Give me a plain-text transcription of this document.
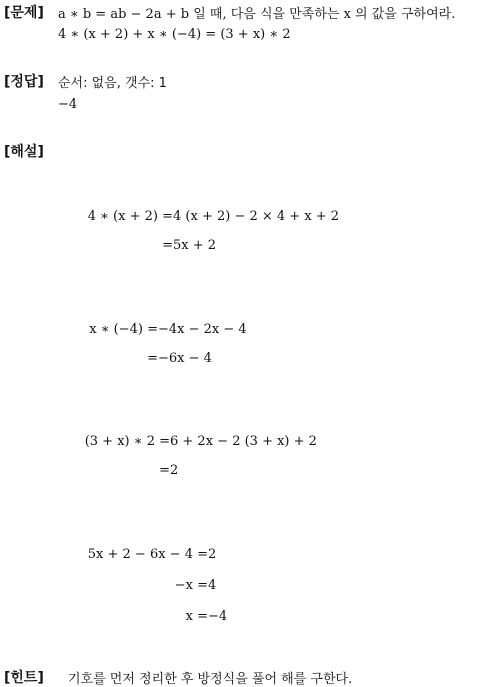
[문제] a ∗ b = ab − 2a + b 일 때, 다음 식을 만족하는 x 의 값을 구하여라.
4 ∗ (x + 2) + x ∗ (−4) = (3 + x) ∗ 2
[정답] 순서: 없음, 갯수: 1
−4
[해설]
4 ∗ (x + 2) = 4 (x + 2) − 2 × 4 + x + 2
= 5x + 2
x ∗ (−4) = −4x − 2x − 4
= −6x − 4
(3 + x) ∗ 2 = 6 + 2x − 2 (3 + x) + 2
= 2
5x + 2 − 6x − 4 = 2
−x = 4
x = −4
[힌트] 기호를 먼저 정리한 후 방정식을 풀어 해를 구한다.
